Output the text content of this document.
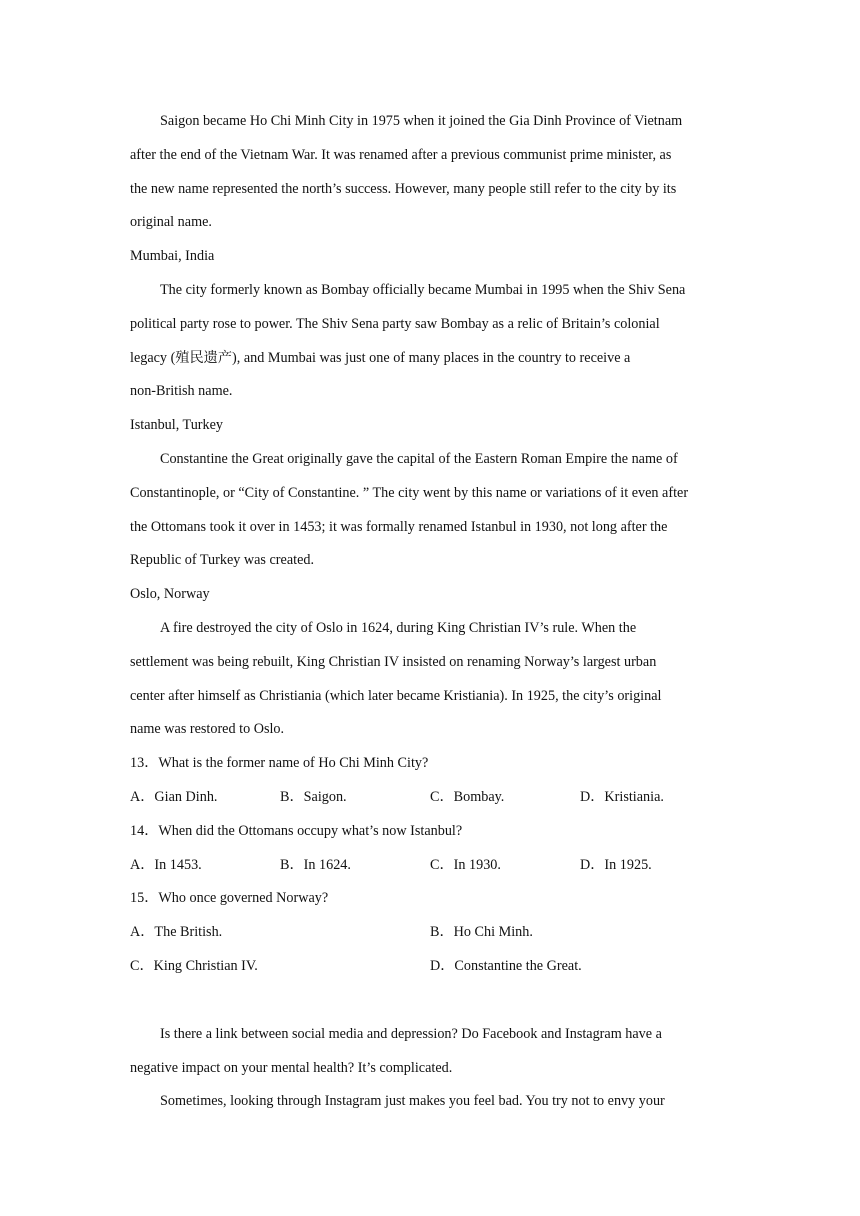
Saigon became Ho Chi Minh City in 1975 when it joined the Gia Dinh Province of Vietnam
after the end of the Vietnam War. It was renamed after a previous communist prime minister, as
the new name represented the north’s success. However, many people still refer to the city by its
original name.

Mumbai, India

The city formerly known as Bombay officially became Mumbai in 1995 when the Shiv Sena
political party rose to power. The Shiv Sena party saw Bombay as a relic of Britain’s colonial
legacy (殖民遗产), and Mumbai was just one of many places in the country to receive a
non-British name.

Istanbul, Turkey

Constantine the Great originally gave the capital of the Eastern Roman Empire the name of
Constantinople, or “City of Constantine. ” The city went by this name or variations of it even after
the Ottomans took it over in 1453; it was formally renamed Istanbul in 1930, not long after the
Republic of Turkey was created.

Oslo, Norway

A fire destroyed the city of Oslo in 1624, during King Christian IV’s rule. When the
settlement was being rebuilt, King Christian IV insisted on renaming Norway’s largest urban
center after himself as Christiania (which later became Kristiania). In 1925, the city’s original
name was restored to Oslo.

13．What is the former name of Ho Chi Minh City?

A．Gian Dinh.	B．Saigon.	C．Bombay.	D．Kristiania.

14．When did the Ottomans occupy what’s now Istanbul?

A．In 1453.	B．In 1624.	C．In 1930.	D．In 1925.

15．Who once governed Norway?

A．The British.	B．Ho Chi Minh.
C．King Christian IV.	D．Constantine the Great.

Is there a link between social media and depression? Do Facebook and Instagram have a
negative impact on your mental health? It’s complicated.

Sometimes, looking through Instagram just makes you feel bad. You try not to envy your
